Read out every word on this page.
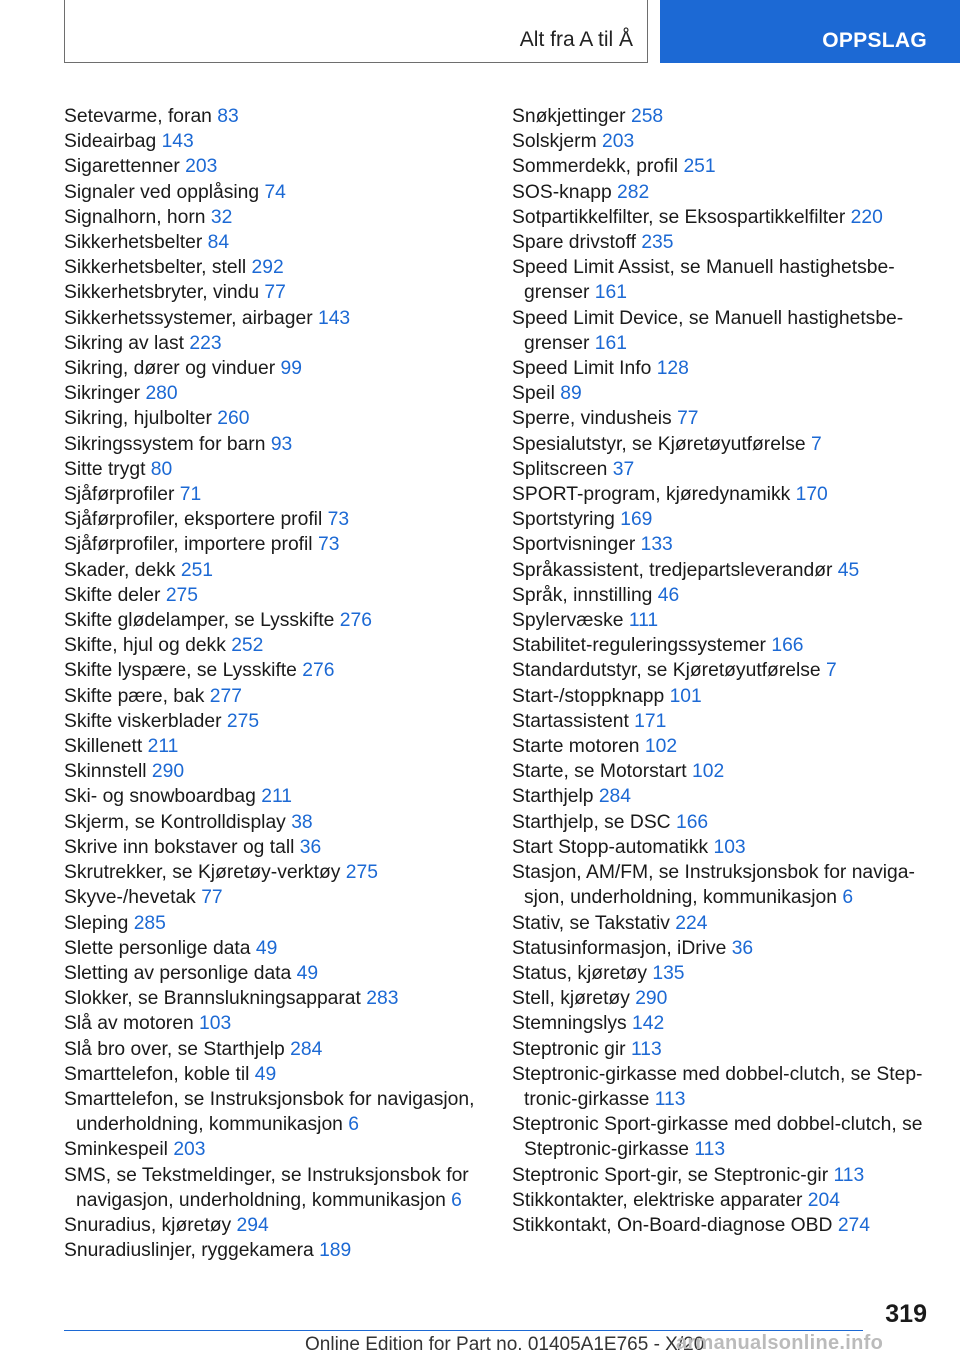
Alt fra A til Å	OPPSLAG
Setevarme, foran 83
Sideairbag 143
Sigarettenner 203
Signaler ved opplåsing 74
Signalhorn, horn 32
Sikkerhetsbelter 84
Sikkerhetsbelter, stell 292
Sikkerhetsbryter, vindu 77
Sikkerhetssystemer, airbager 143
Sikring av last 223
Sikring, dører og vinduer 99
Sikringer 280
Sikring, hjulbolter 260
Sikringssystem for barn 93
Sitte trygt 80
Sjåførprofiler 71
Sjåførprofiler, eksportere profil 73
Sjåførprofiler, importere profil 73
Skader, dekk 251
Skifte deler 275
Skifte glødelamper, se Lysskifte 276
Skifte, hjul og dekk 252
Skifte lyspære, se Lysskifte 276
Skifte pære, bak 277
Skifte viskerblader 275
Skillenett 211
Skinnstell 290
Ski- og snowboardbag 211
Skjerm, se Kontrolldisplay 38
Skrive inn bokstaver og tall 36
Skrutrekker, se Kjøretøy-verktøy 275
Skyve-/hevetak 77
Sleping 285
Slette personlige data 49
Sletting av personlige data 49
Slokker, se Brannslukningsapparat 283
Slå av motoren 103
Slå bro over, se Starthjelp 284
Smarttelefon, koble til 49
Smarttelefon, se Instruksjonsbok for navigasjon, underholdning, kommunikasjon 6
Sminkespeil 203
SMS, se Tekstmeldinger, se Instruksjonsbok for navigasjon, underholdning, kommunikasjon 6
Snuradius, kjøretøy 294
Snuradiuslinjer, ryggekamera 189
Snøkjettinger 258
Solskjerm 203
Sommerdekk, profil 251
SOS-knapp 282
Sotpartikkelfilter, se Eksospartikkelfilter 220
Spare drivstoff 235
Speed Limit Assist, se Manuell hastighetsbe-grenser 161
Speed Limit Device, se Manuell hastighetsbe-grenser 161
Speed Limit Info 128
Speil 89
Sperre, vindusheis 77
Spesialutstyr, se Kjøretøyutførelse 7
Splitscreen 37
SPORT-program, kjøredynamikk 170
Sportstyring 169
Sportvisninger 133
Språkassistent, tredjepartsleverandør 45
Språk, innstilling 46
Spylervæske 111
Stabilitet-reguleringssystemer 166
Standardutstyr, se Kjøretøyutførelse 7
Start-/stoppknapp 101
Startassistent 171
Starte motoren 102
Starte, se Motorstart 102
Starthjelp 284
Starthjelp, se DSC 166
Start Stopp-automatikk 103
Stasjon, AM/FM, se Instruksjonsbok for naviga-sjon, underholdning, kommunikasjon 6
Stativ, se Takstativ 224
Statusinformasjon, iDrive 36
Status, kjøretøy 135
Stell, kjøretøy 290
Stemningslys 142
Steptronic gir 113
Steptronic-girkasse med dobbel-clutch, se Step-tronic-girkasse 113
Steptronic Sport-girkasse med dobbel-clutch, se Steptronic-girkasse 113
Steptronic Sport-gir, se Steptronic-gir 113
Stikkontakter, elektriske apparater 204
Stikkontakt, On-Board-diagnose OBD 274
319
Online Edition for Part no. 01405A1E765 - X/20
armanualsonline.info
